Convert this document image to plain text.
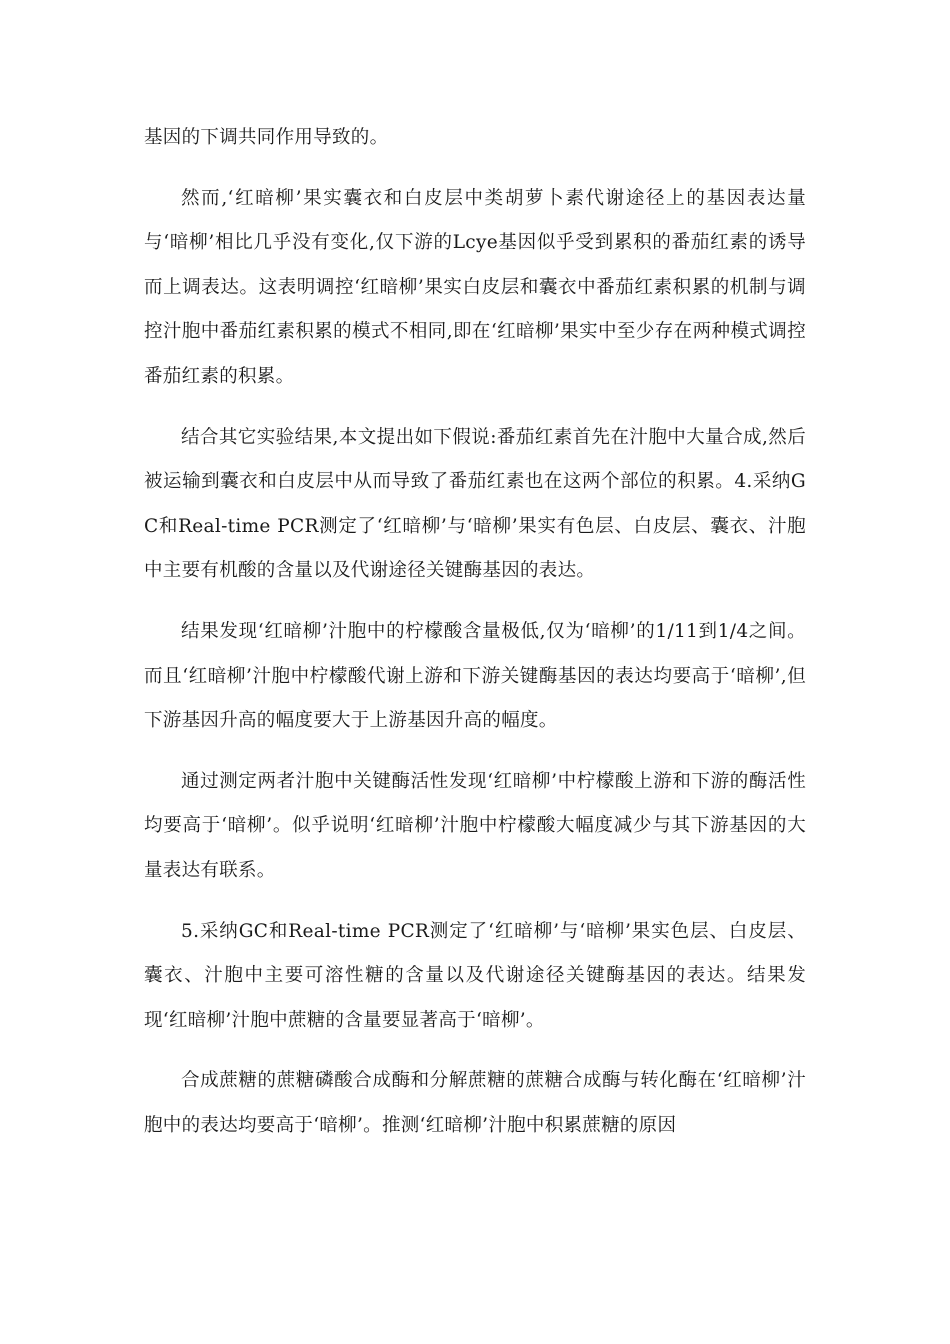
基因的下调共同作用导致的。

然而,‘红暗柳’果实囊衣和白皮层中类胡萝卜素代谢途径上的基因表达量与‘暗柳’相比几乎没有变化,仅下游的Lcye基因似乎受到累积的番茄红素的诱导而上调表达。这表明调控‘红暗柳’果实白皮层和囊衣中番茄红素积累的机制与调控汁胞中番茄红素积累的模式不相同,即在‘红暗柳’果实中至少存在两种模式调控番茄红素的积累。

结合其它实验结果,本文提出如下假说:番茄红素首先在汁胞中大量合成,然后被运输到囊衣和白皮层中从而导致了番茄红素也在这两个部位的积累。4.采纳GC和Real-time PCR测定了‘红暗柳’与‘暗柳’果实有色层、白皮层、囊衣、汁胞中主要有机酸的含量以及代谢途径关键酶基因的表达。

结果发现‘红暗柳’汁胞中的柠檬酸含量极低,仅为‘暗柳’的1/11到1/4之间。而且‘红暗柳’汁胞中柠檬酸代谢上游和下游关键酶基因的表达均要高于‘暗柳’,但下游基因升高的幅度要大于上游基因升高的幅度。

通过测定两者汁胞中关键酶活性发现‘红暗柳’中柠檬酸上游和下游的酶活性均要高于‘暗柳’。似乎说明‘红暗柳’汁胞中柠檬酸大幅度减少与其下游基因的大量表达有联系。

5.采纳GC和Real-time PCR测定了‘红暗柳’与‘暗柳’果实色层、白皮层、囊衣、汁胞中主要可溶性糖的含量以及代谢途径关键酶基因的表达。结果发现‘红暗柳’汁胞中蔗糖的含量要显著高于‘暗柳’。

合成蔗糖的蔗糖磷酸合成酶和分解蔗糖的蔗糖合成酶与转化酶在‘红暗柳’汁胞中的表达均要高于‘暗柳’。推测‘红暗柳’汁胞中积累蔗糖的原因
